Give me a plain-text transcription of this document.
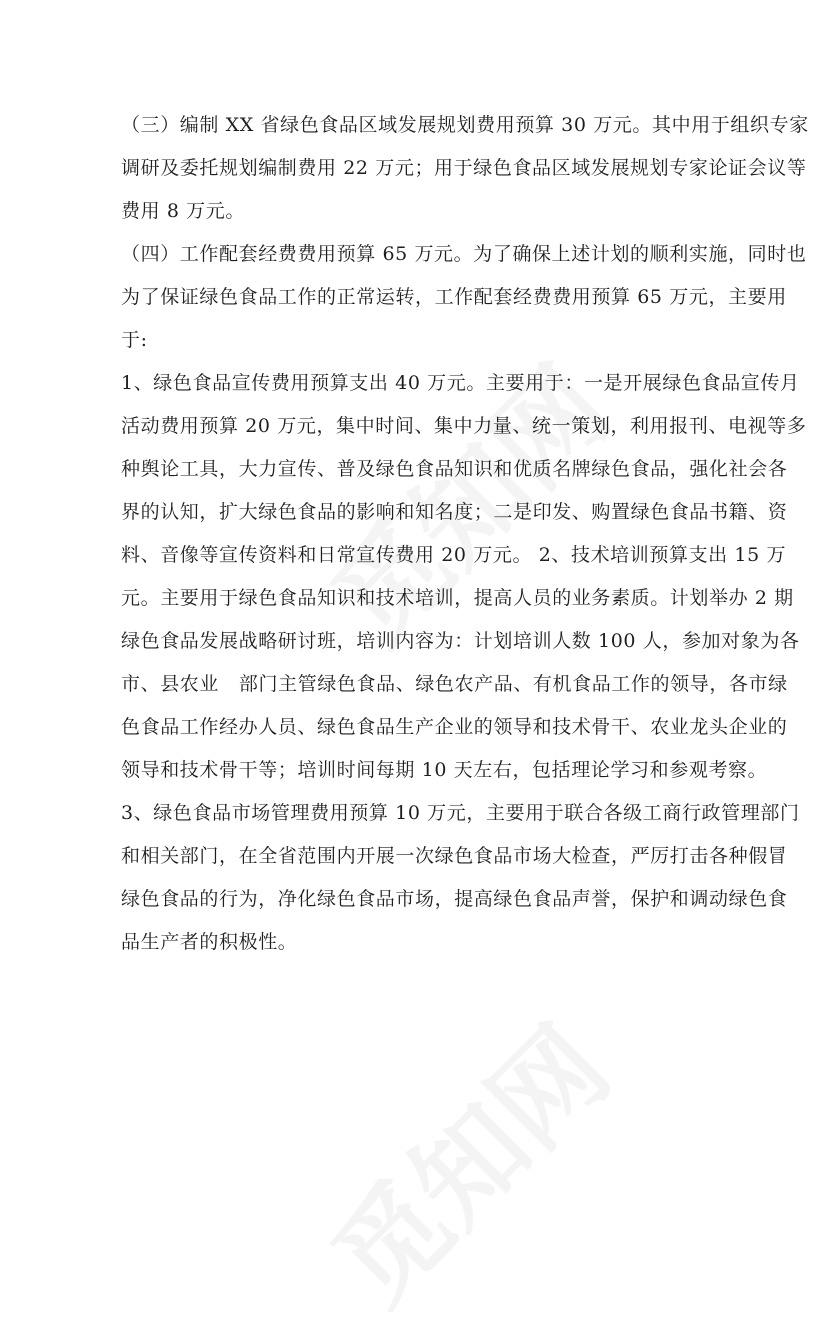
（三）编制 XX 省绿色食品区域发展规划费用预算 30 万元。其中用于组织专家
调研及委托规划编制费用 22 万元；用于绿色食品区域发展规划专家论证会议等
费用 8 万元。
（四）工作配套经费费用预算 65 万元。为了确保上述计划的顺利实施，同时也
为了保证绿色食品工作的正常运转，工作配套经费费用预算 65 万元，主要用
于:
1、绿色食品宣传费用预算支出 40 万元。主要用于：一是开展绿色食品宣传月
活动费用预算 20 万元，集中时间、集中力量、统一策划，利用报刊、电视等多
种舆论工具，大力宣传、普及绿色食品知识和优质名牌绿色食品，强化社会各
界的认知，扩大绿色食品的影响和知名度；二是印发、购置绿色食品书籍、资
料、音像等宣传资料和日常宣传费用 20 万元。 2、技术培训预算支出 15 万
元。主要用于绿色食品知识和技术培训，提高人员的业务素质。计划举办 2 期
绿色食品发展战略研讨班，培训内容为：计划培训人数 100 人，参加对象为各
市、县农业   部门主管绿色食品、绿色农产品、有机食品工作的领导，各市绿
色食品工作经办人员、绿色食品生产企业的领导和技术骨干、农业龙头企业的
领导和技术骨干等；培训时间每期 10 天左右，包括理论学习和参观考察。
3、绿色食品市场管理费用预算 10 万元，主要用于联合各级工商行政管理部门
和相关部门，在全省范围内开展一次绿色食品市场大检查，严厉打击各种假冒
绿色食品的行为，净化绿色食品市场，提高绿色食品声誉，保护和调动绿色食
品生产者的积极性。
